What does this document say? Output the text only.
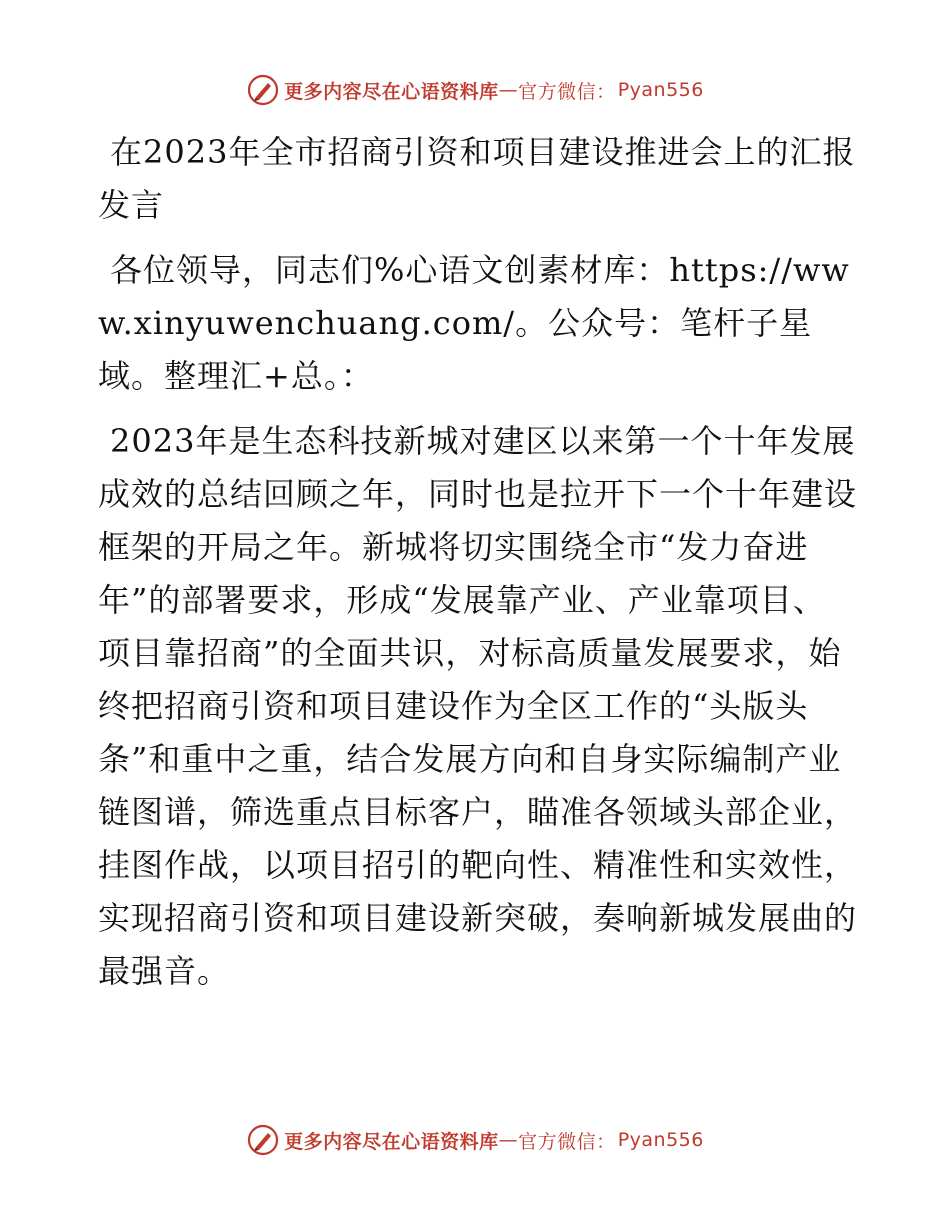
更多内容尽在心语资料库 — 官方微信： Pyan556

在2023年全市招商引资和项目建设推进会上的汇报发言

各位领导，同志们%心语文创素材库：https://www.xinyuwenchuang.com/。公众号：笔杆子星域。整理汇+总。：

2023年是生态科技新城对建区以来第一个十年发展成效的总结回顾之年，同时也是拉开下一个十年建设框架的开局之年。新城将切实围绕全市“发力奋进年”的部署要求，形成“发展靠产业、产业靠项目、项目靠招商”的全面共识，对标高质量发展要求，始终把招商引资和项目建设作为全区工作的“头版头条”和重中之重，结合发展方向和自身实际编制产业链图谱，筛选重点目标客户，瞄准各领域头部企业，挂图作战，以项目招引的靶向性、精准性和实效性，实现招商引资和项目建设新突破，奏响新城发展曲的最强音。

更多内容尽在心语资料库 — 官方微信： Pyan556
